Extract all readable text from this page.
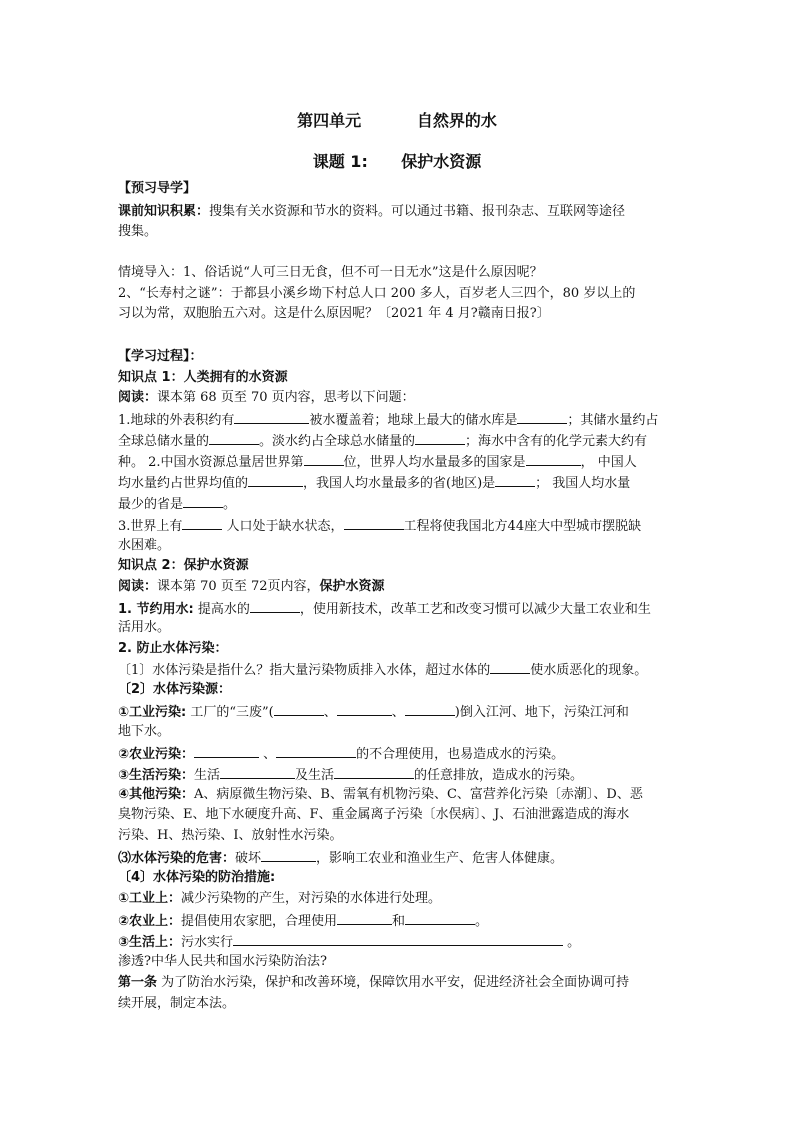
第四单元          自然界的水
课题 1:      保护水资源
【预习导学】
课前知识积累：搜集有关水资源和节水的资料。可以通过书籍、报刊杂志、互联网等途径
搜集。
情境导入：1、俗话说“人可三日无食，但不可一日无水”这是什么原因呢？
2、“长寿村之谜”：于都县小溪乡坳下村总人口 200 多人，百岁老人三四个，80 岁以上的
习以为常，双胞胎五六对。这是什么原因呢？〔2021 年 4 月?赣南日报?〕
【学习过程】：
知识点 1：人类拥有的水资源
阅读：课本第 68 页至 70 页内容，思考以下问题：
1.地球的外表积约有	被水覆盖着；地球上最大的储水库是	；其储水量约占
全球总储水量的	。淡水约占全球总水储量的	；海水中含有的化学元素大约有
种。 2.中国水资源总量居世界第	位，世界人均水量最多的国家是	， 中国人
均水量约占世界均值的	，我国人均水量最多的省(地区)是	； 我国人均水量
最少的省是	。
3.世界上有	人口处于缺水状态，	工程将使我国北方44座大中型城市摆脱缺
水困难。
知识点 2：保护水资源
阅读：课本第 70 页至 72页内容，保护水资源
1. 节约用水: 提高水的	，使用新技术，改革工艺和改变习惯可以减少大量工农业和生
活用水。
2. 防止水体污染：
〔1〕水体污染是指什么？指大量污染物质排入水体，超过水体的	使水质恶化的现象。
〔2〕水体污染源：
①工业污染: 工厂的“三废”(	、	、	)倒入江河、地下，污染江河和
地下水。
②农业污染：	、	的不合理使用，也易造成水的污染。
③生活污染：生活	及生活	的任意排放，造成水的污染。
④其他污染：A、病原微生物污染、B、需氧有机物污染、C、富营养化污染〔赤潮〕、D、恶
臭物污染、E、地下水硬度升高、F、重金属离子污染〔水俣病〕、J、石油泄露造成的海水
污染、H、热污染、I、放射性水污染。
⑶水体污染的危害：破坏	，影响工农业和渔业生产、危害人体健康。
〔4〕水体污染的防治措施:
①工业上：减少污染物的产生，对污染的水体进行处理。
②农业上：提倡使用农家肥，合理使用	和	。
③生活上：污水实行	。
渗透?中华人民共和国水污染防治法?
第一条 为了防治水污染，保护和改善环境，保障饮用水平安，促进经济社会全面协调可持
续开展，制定本法。
